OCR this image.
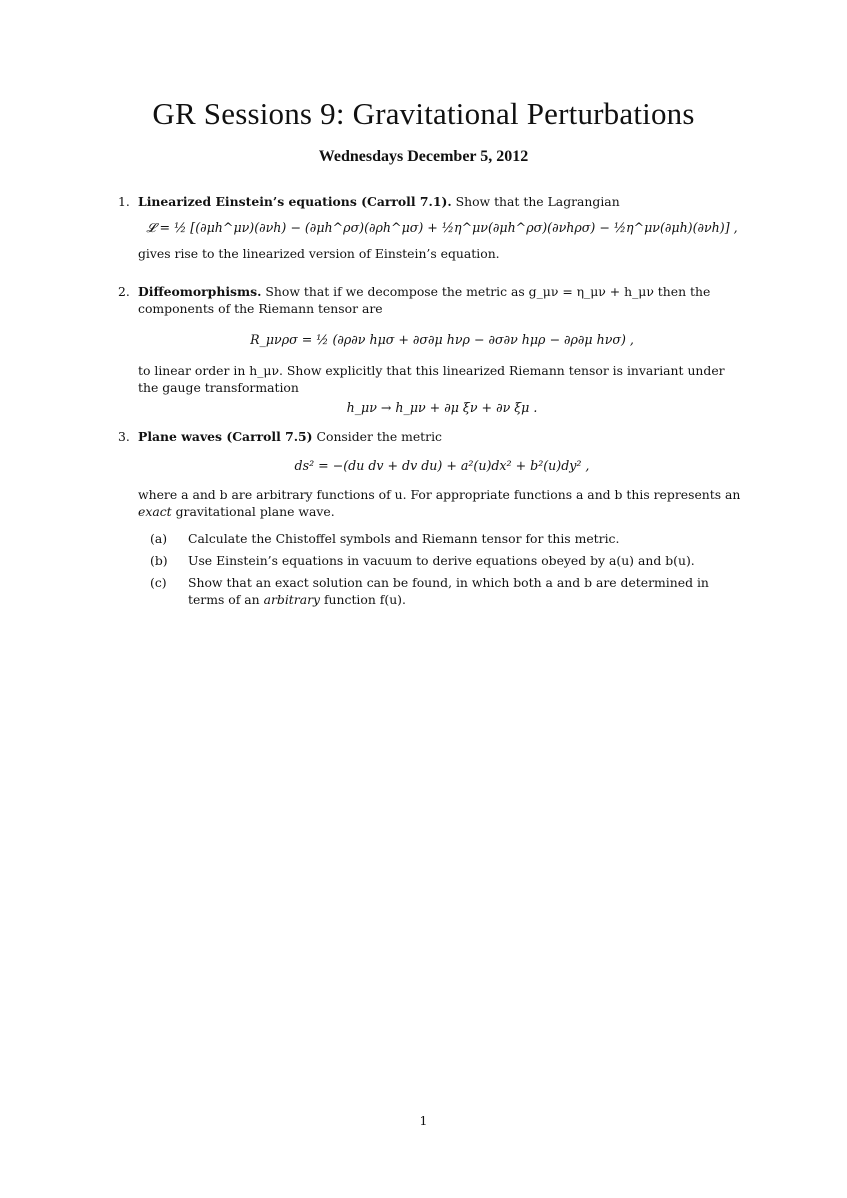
GR Sessions 9: Gravitational Perturbations
Wednesdays December 5, 2012
1. Linearized Einstein’s equations (Carroll 7.1). Show that the Lagrangian
𝓛 = ½ [(∂μh^μν)(∂νh) − (∂μh^ρσ)(∂ρh^μσ) + ½η^μν(∂μh^ρσ)(∂νhρσ) − ½η^μν(∂μh)(∂νh)] ,
gives rise to the linearized version of Einstein’s equation.
2. Diffeomorphisms. Show that if we decompose the metric as g_μν = η_μν + h_μν then the components of the Riemann tensor are
R_μνρσ = ½ (∂ρ∂ν hμσ + ∂σ∂μ hνρ − ∂σ∂ν hμρ − ∂ρ∂μ hνσ) ,
to linear order in h_μν. Show explicitly that this linearized Riemann tensor is invariant under the gauge transformation
h_μν → h_μν + ∂μ ξν + ∂ν ξμ .
3. Plane waves (Carroll 7.5) Consider the metric
ds² = −(du dv + dv du) + a²(u)dx² + b²(u)dy² ,
where a and b are arbitrary functions of u. For appropriate functions a and b this represents an exact gravitational plane wave.
(a) Calculate the Chistoffel symbols and Riemann tensor for this metric.
(b) Use Einstein’s equations in vacuum to derive equations obeyed by a(u) and b(u).
(c) Show that an exact solution can be found, in which both a and b are determined in terms of an arbitrary function f(u).
1
